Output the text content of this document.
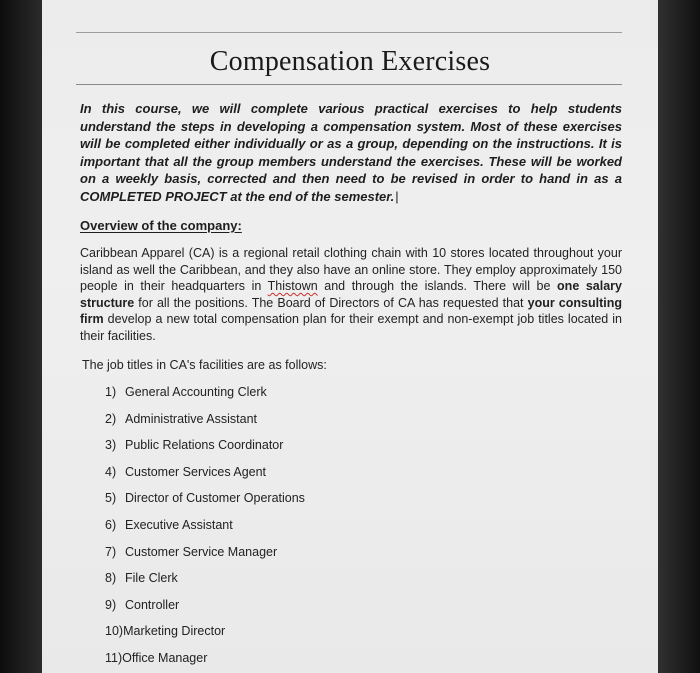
Compensation Exercises

In this course, we will complete various practical exercises to help students understand the steps in developing a compensation system. Most of these exercises will be completed either individually or as a group, depending on the instructions. It is important that all the group members understand the exercises. These will be worked on a weekly basis, corrected and then need to be revised in order to hand in as a COMPLETED PROJECT at the end of the semester.|

Overview of the company:

Caribbean Apparel (CA) is a regional retail clothing chain with 10 stores located throughout your island as well the Caribbean, and they also have an online store. They employ approximately 150 people in their headquarters in Thistown and through the islands. There will be one salary structure for all the positions. The Board of Directors of CA has requested that your consulting firm develop a new total compensation plan for their exempt and non-exempt job titles located in their facilities.

The job titles in CA's facilities are as follows:
1) General Accounting Clerk
2) Administrative Assistant
3) Public Relations Coordinator
4) Customer Services Agent
5) Director of Customer Operations
6) Executive Assistant
7) Customer Service Manager
8) File Clerk
9) Controller
10)Marketing Director
11)Office Manager
